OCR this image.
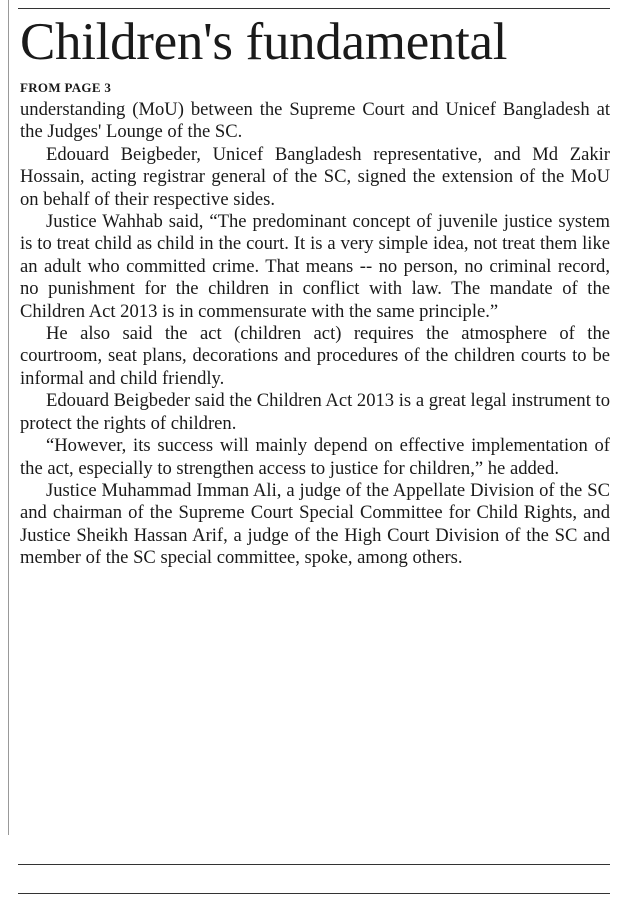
Children's fundamental
FROM PAGE 3

understanding (MoU) between the Supreme Court and Unicef Bangladesh at the Judges' Lounge of the SC.

Edouard Beigbeder, Unicef Bangladesh representative, and Md Zakir Hossain, acting registrar general of the SC, signed the extension of the MoU on behalf of their respective sides.

Justice Wahhab said, “The predominant concept of juvenile justice system is to treat child as child in the court. It is a very simple idea, not treat them like an adult who committed crime. That means -- no person, no criminal record, no punishment for the children in conflict with law. The mandate of the Children Act 2013 is in commensurate with the same principle.”

He also said the act (children act) requires the atmosphere of the courtroom, seat plans, decorations and procedures of the children courts to be informal and child friendly.

Edouard Beigbeder said the Children Act 2013 is a great legal instrument to protect the rights of children.

“However, its success will mainly depend on effective implementation of the act, especially to strengthen access to justice for children,” he added.

Justice Muhammad Imman Ali, a judge of the Appellate Division of the SC and chairman of the Supreme Court Special Committee for Child Rights, and Justice Sheikh Hassan Arif, a judge of the High Court Division of the SC and member of the SC special committee, spoke, among others.
